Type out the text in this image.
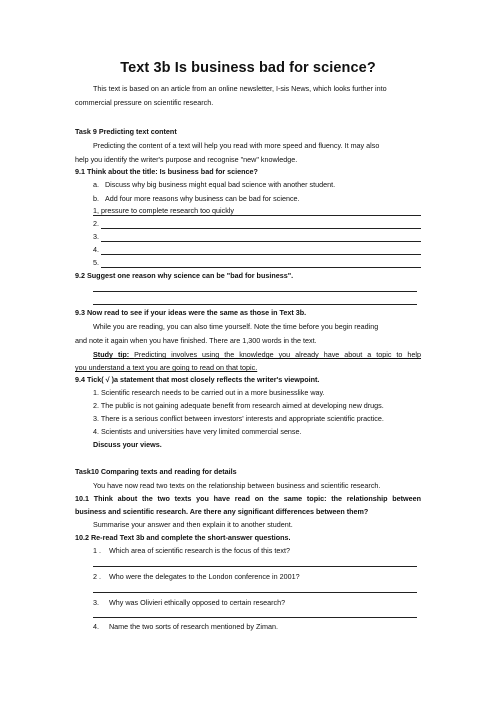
Text 3b Is business bad for science?
This text is based on an article from an online newsletter, I-sis News, which looks further into
commercial pressure on scientific research.
Task 9 Predicting text content
Predicting the content of a text will help you read with more speed and fluency. It may also
help you identify the writer's purpose and recognise "new" knowledge.
9.1 Think about the title: Is business bad for science?
a.   Discuss why big business might equal bad science with another student.
b.   Add four more reasons why business can be bad for science.
1, pressure to complete research too quickly
2.
3.
4.
5.
9.2 Suggest one reason why science can be "bad for business".
9.3 Now read to see if your ideas were the same as those in Text 3b.
While you are reading, you can also time yourself. Note the time before you begin reading
and note it again when you have finished. There are 1,300 words in the text.
Study tip: Predicting involves using the knowledge you already have about a topic to help
you understand a text you are going to read on that topic.
9.4 Tick( √ )a statement that most closely reflects the writer's viewpoint.
1. Scientific research needs to be carried out in a more businesslike way.
2. The public is not gaining adequate benefit from research aimed at developing new drugs.
3. There is a serious conflict between investors' interests and appropriate scientific practice.
4. Scientists and universities have very limited commercial sense.
Discuss your views.
Task10 Comparing texts and reading for details
You have now read two texts on the relationship between business and scientific research.
10.1 Think about the two texts you have read on the same topic: the relationship between
business and scientific research. Are there any significant differences between them?
Summarise your answer and then explain it to another student.
10.2 Re-read Text 3b and complete the short-answer questions.
1 .    Which area of scientific research is the focus of this text?
2 .    Who were the delegates to the London conference in 2001?
3.     Why was Olivieri ethically opposed to certain research?
4.     Name the two sorts of research mentioned by Ziman.
